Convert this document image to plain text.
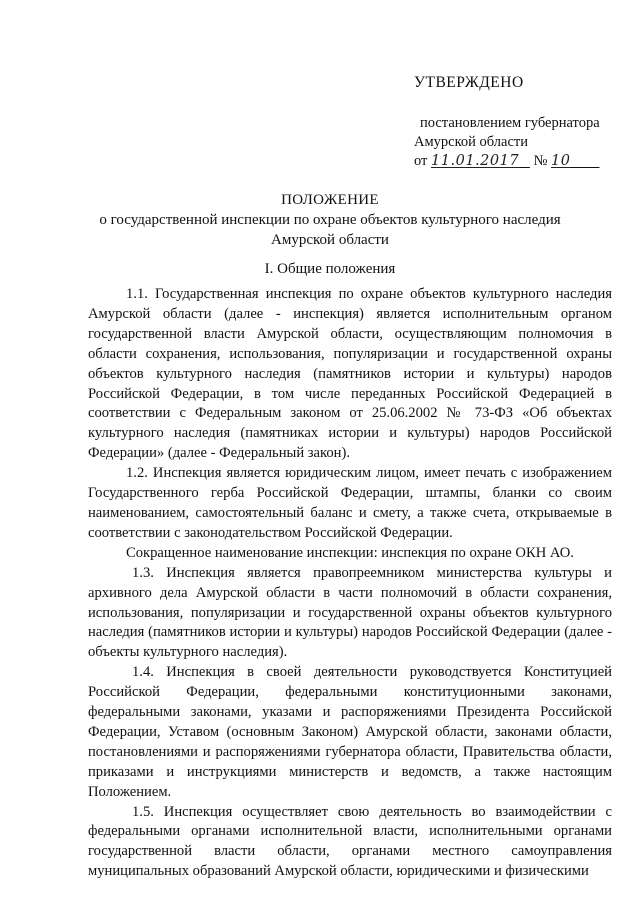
УТВЕРЖДЕНО
постановлением губернатора
Амурской области
от 11.01.2017 № 10
ПОЛОЖЕНИЕ
о государственной инспекции по охране объектов культурного наследия
Амурской области
I. Общие положения

1.1. Государственная инспекция по охране объектов культурного наследия Амурской области (далее - инспекция) является исполнительным органом государственной власти Амурской области, осуществляющим полномочия в области сохранения, использования, популяризации и государственной охраны объектов культурного наследия (памятников истории и культуры) народов Российской Федерации, в том числе переданных Российской Федерацией в соответствии с Федеральным законом от 25.06.2002 № 73-ФЗ «Об объектах культурного наследия (памятниках истории и культуры) народов Российской Федерации» (далее - Федеральный закон).

1.2. Инспекция является юридическим лицом, имеет печать с изображением Государственного герба Российской Федерации, штампы, бланки со своим наименованием, самостоятельный баланс и смету, а также счета, открываемые в соответствии с законодательством Российской Федерации.

Сокращенное наименование инспекции: инспекция по охране ОКН АО.

1.3. Инспекция является правопреемником министерства культуры и архивного дела Амурской области в части полномочий в области сохранения, использования, популяризации и государственной охраны объектов культурного наследия (памятников истории и культуры) народов Российской Федерации (далее - объекты культурного наследия).

1.4. Инспекция в своей деятельности руководствуется Конституцией Российской Федерации, федеральными конституционными законами, федеральными законами, указами и распоряжениями Президента Российской Федерации, Уставом (основным Законом) Амурской области, законами области, постановлениями и распоряжениями губернатора области, Правительства области, приказами и инструкциями министерств и ведомств, а также настоящим Положением.

1.5. Инспекция осуществляет свою деятельность во взаимодействии с федеральными органами исполнительной власти, исполнительными органами государственной власти области, органами местного самоуправления муниципальных образований Амурской области, юридическими и физическими
